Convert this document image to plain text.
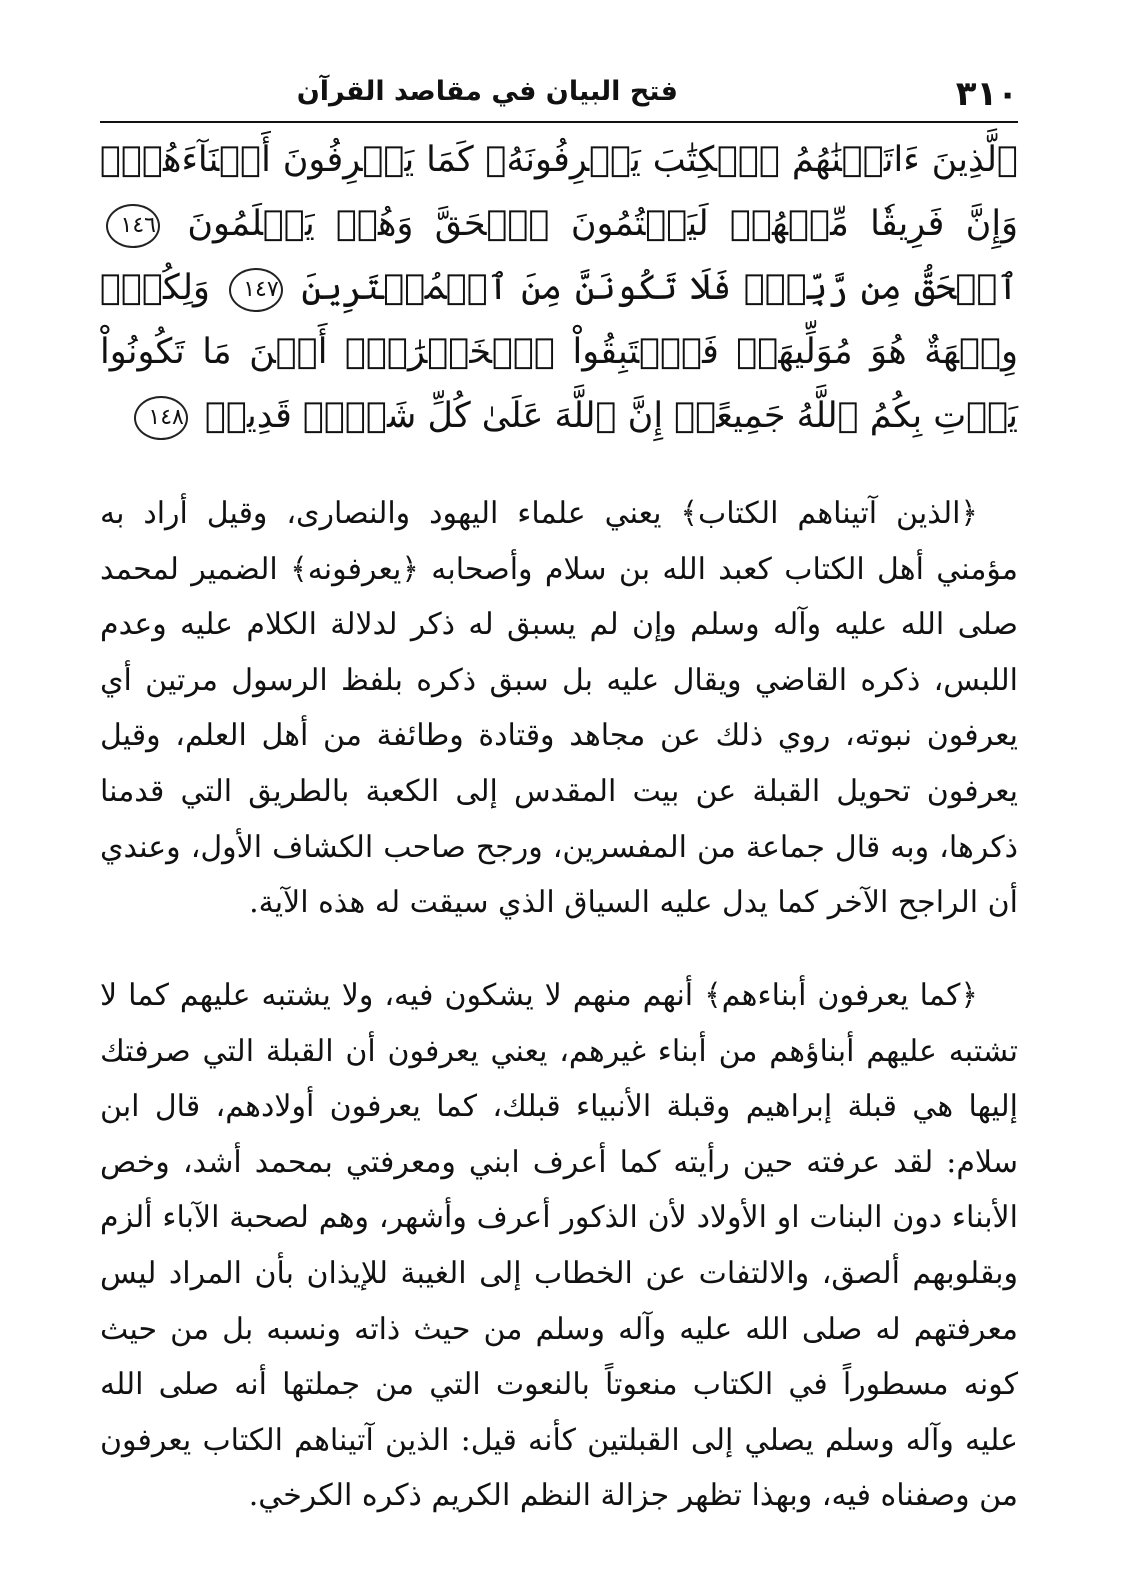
٣١٠
فتح البيان في مقاصد القرآن
ٱلَّذِينَ ءَاتَيۡنَٰهُمُ ٱلۡكِتَٰبَ يَعۡرِفُونَهُۥ كَمَا يَعۡرِفُونَ أَبۡنَآءَهُمۡۖ وَإِنَّ فَرِيقٗا مِّنۡهُمۡ لَيَكۡتُمُونَ ٱلۡحَقَّ وَهُمۡ يَعۡلَمُونَ ١٤٦ ٱلۡحَقُّ مِن رَّبِّكَۖ فَلَا تَكُونَنَّ مِنَ ٱلۡمُمۡتَرِينَ ١٤٧ وَلِكُلّٖ وِجۡهَةٌ هُوَ مُوَلِّيهَاۖ فَٱسۡتَبِقُواْ ٱلۡخَيۡرَٰتِۚ أَيۡنَ مَا تَكُونُواْ يَأۡتِ بِكُمُ ٱللَّهُ جَمِيعًاۚ إِنَّ ٱللَّهَ عَلَىٰ كُلِّ شَيۡءٖ قَدِيرٞ ١٤٨
﴿الذين آتيناهم الكتاب﴾ يعني علماء اليهود والنصارى، وقيل أراد به مؤمني أهل الكتاب كعبد الله بن سلام وأصحابه ﴿يعرفونه﴾ الضمير لمحمد صلى الله عليه وآله وسلم وإن لم يسبق له ذكر لدلالة الكلام عليه وعدم اللبس، ذكره القاضي ويقال عليه بل سبق ذكره بلفظ الرسول مرتين أي يعرفون نبوته، روي ذلك عن مجاهد وقتادة وطائفة من أهل العلم، وقيل يعرفون تحويل القبلة عن بيت المقدس إلى الكعبة بالطريق التي قدمنا ذكرها، وبه قال جماعة من المفسرين، ورجح صاحب الكشاف الأول، وعندي أن الراجح الآخر كما يدل عليه السياق الذي سيقت له هذه الآية.
﴿كما يعرفون أبناءهم﴾ أنهم منهم لا يشكون فيه، ولا يشتبه عليهم كما لا تشتبه عليهم أبناؤهم من أبناء غيرهم، يعني يعرفون أن القبلة التي صرفتك إليها هي قبلة إبراهيم وقبلة الأنبياء قبلك، كما يعرفون أولادهم، قال ابن سلام: لقد عرفته حين رأيته كما أعرف ابني ومعرفتي بمحمد أشد، وخص الأبناء دون البنات او الأولاد لأن الذكور أعرف وأشهر، وهم لصحبة الآباء ألزم وبقلوبهم ألصق، والالتفات عن الخطاب إلى الغيبة للإيذان بأن المراد ليس معرفتهم له صلى الله عليه وآله وسلم من حيث ذاته ونسبه بل من حيث كونه مسطوراً في الكتاب منعوتاً بالنعوت التي من جملتها أنه صلى الله عليه وآله وسلم يصلي إلى القبلتين كأنه قيل: الذين آتيناهم الكتاب يعرفون من وصفناه فيه، وبهذا تظهر جزالة النظم الكريم ذكره الكرخي.
